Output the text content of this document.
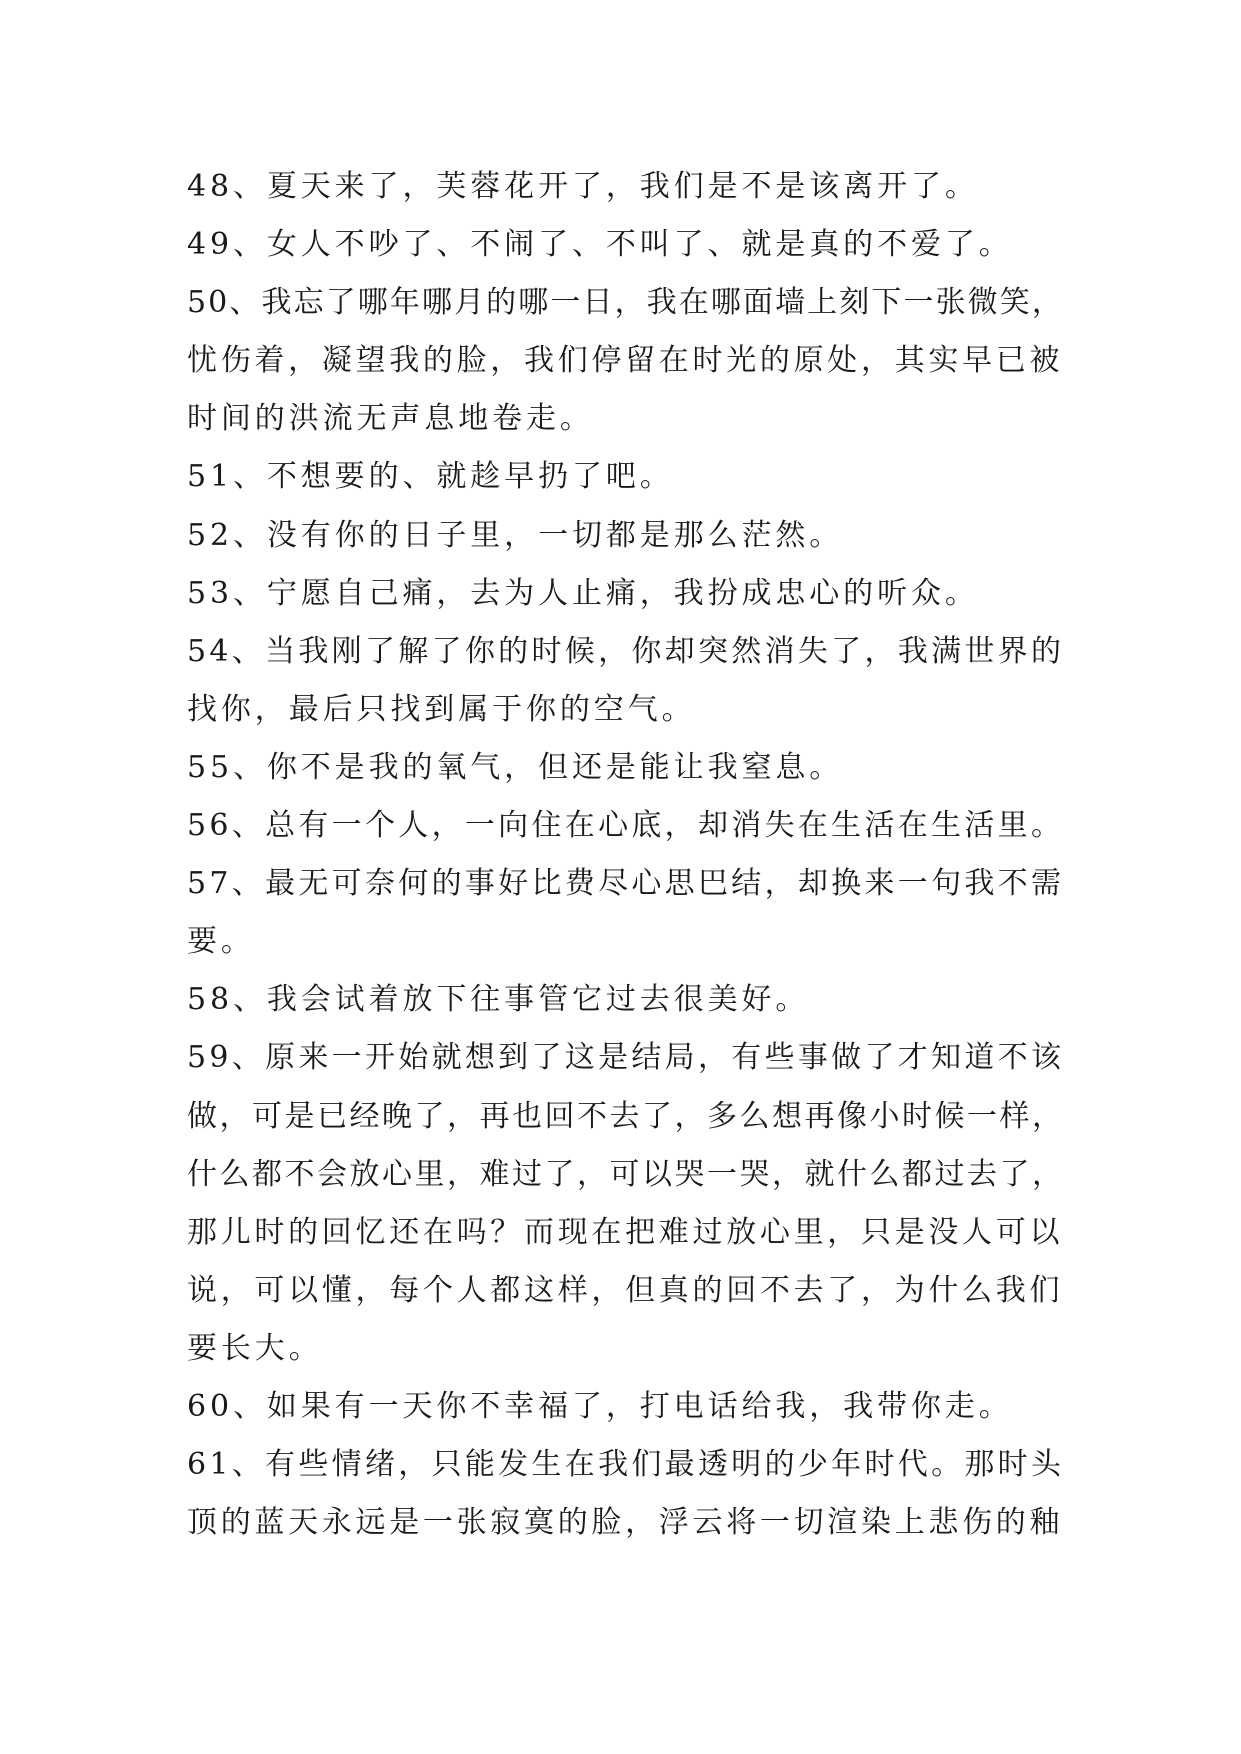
48、夏天来了，芙蓉花开了，我们是不是该离开了。
49、女人不吵了、不闹了、不叫了、就是真的不爱了。
50、我忘了哪年哪月的哪一日，我在哪面墙上刻下一张微笑，
忧伤着，凝望我的脸，我们停留在时光的原处，其实早已被
时间的洪流无声息地卷走。
51、不想要的、就趁早扔了吧。
52、没有你的日子里，一切都是那么茫然。
53、宁愿自己痛，去为人止痛，我扮成忠心的听众。
54、当我刚了解了你的时候，你却突然消失了，我满世界的
找你，最后只找到属于你的空气。
55、你不是我的氧气，但还是能让我窒息。
56、总有一个人，一向住在心底，却消失在生活在生活里。
57、最无可奈何的事好比费尽心思巴结，却换来一句我不需
要。
58、我会试着放下往事管它过去很美好。
59、原来一开始就想到了这是结局，有些事做了才知道不该
做，可是已经晚了，再也回不去了，多么想再像小时候一样，
什么都不会放心里，难过了，可以哭一哭，就什么都过去了，
那儿时的回忆还在吗？而现在把难过放心里，只是没人可以
说，可以懂，每个人都这样，但真的回不去了，为什么我们
要长大。
60、如果有一天你不幸福了，打电话给我，我带你走。
61、有些情绪，只能发生在我们最透明的少年时代。那时头
顶的蓝天永远是一张寂寞的脸，浮云将一切渲染上悲伤的釉
